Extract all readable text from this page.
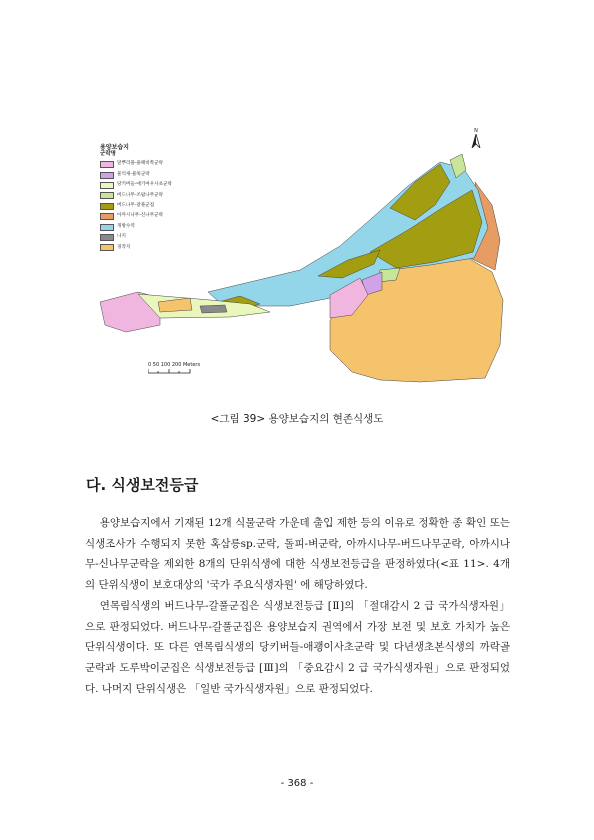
용양보습지
군락명
달뿌리풀-줄패비쪽군락
물억새-물쑥군락
당키버들-애기여우사초군락
버드나무-조팝나무군락
버드나무-갈풀군집
아까시나무-신나무군락
개방수역
나지
경작지
N
0 50 100 200 Meters
<그림 39> 용양보습지의 현존식생도
다. 식생보전등급

용양보습지에서 기재된 12개 식물군락 가운데 출입 제한 등의 이유로 정확한 종 확인 또는 식생조사가 수행되지 못한 혹삼릉sp.군락, 돌피-벼군락, 아까시나무-버드나무군락, 아까시나무-신나무군락을 제외한 8개의 단위식생에 대한 식생보전등급을 판정하였다(<표 11>. 4개의 단위식생이 보호대상의 '국가 주요식생자원' 에 해당하였다.

연목림식생의 버드나무-갈풀군집은 식생보전등급 [Ⅱ]의 「절대감시 2 급 국가식생자원」으로 판정되었다. 버드나무-갈풀군집은 용양보습지 권역에서 가장 보전 및 보호 가치가 높은 단위식생이다. 또 다른 연목림식생의 당키버들-애괭이사초군락 및 다년생초본식생의 까락골군락과 도루박이군집은 식생보전등급 [Ⅲ]의 「중요감시 2 급 국가식생자원」으로 판정되었다. 나머지 단위식생은 「일반 국가식생자원」으로 판정되었다.

- 368 -
